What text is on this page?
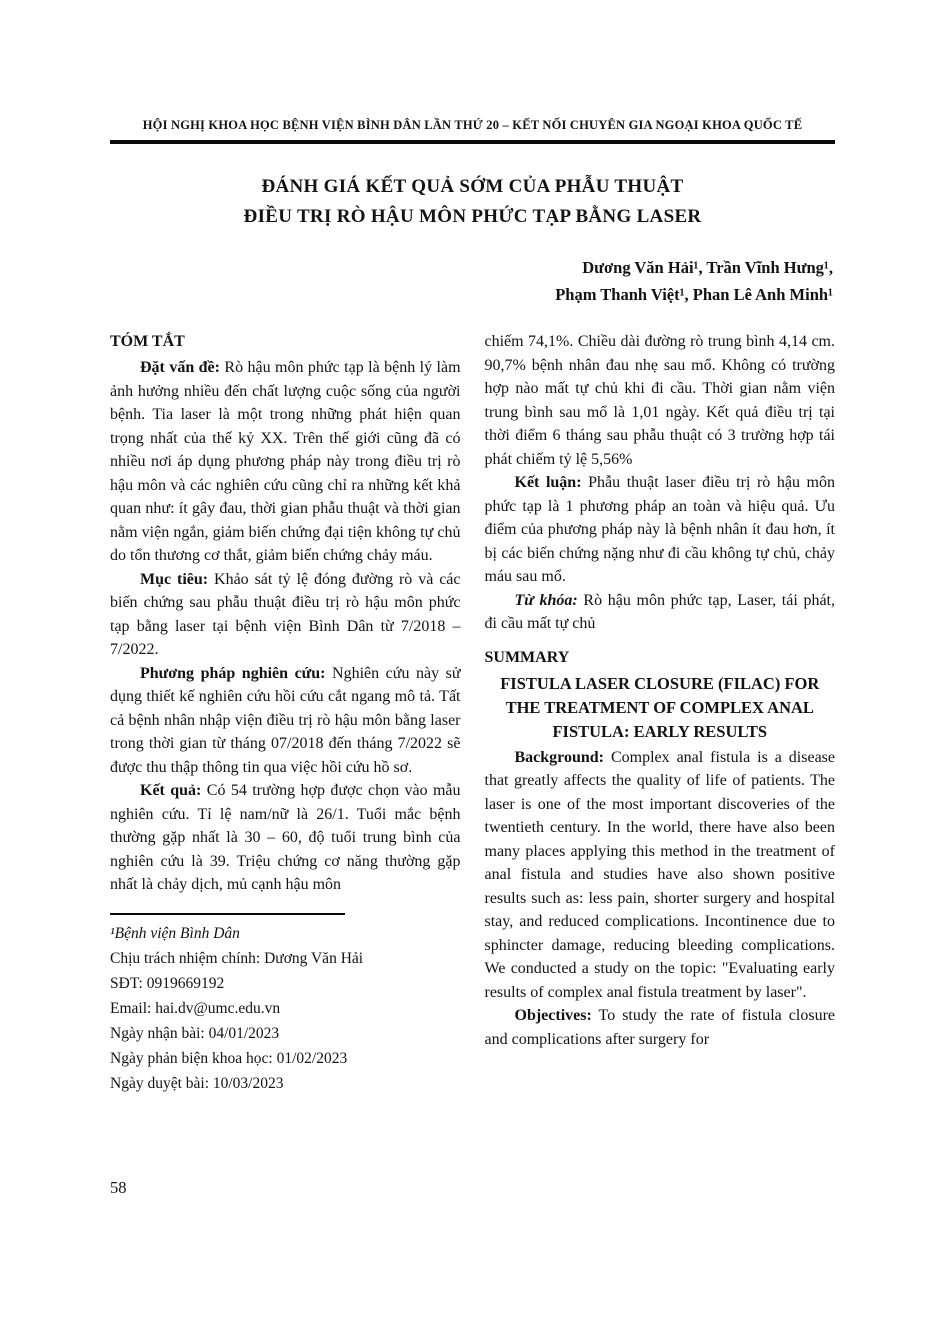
HỘI NGHỊ KHOA HỌC BỆNH VIỆN BÌNH DÂN LẦN THỨ 20 – KẾT NỐI CHUYÊN GIA NGOẠI KHOA QUỐC TẾ
ĐÁNH GIÁ KẾT QUẢ SỚM CỦA PHẪU THUẬT
ĐIỀU TRỊ RÒ HẬU MÔN PHỨC TẠP BẰNG LASER
Dương Văn Hải¹, Trần Vĩnh Hưng¹,
Phạm Thanh Việt¹, Phan Lê Anh Minh¹
TÓM TẮT

Đặt vấn đề: Rò hậu môn phức tạp là bệnh lý làm ảnh hưởng nhiều đến chất lượng cuộc sống của người bệnh. Tia laser là một trong những phát hiện quan trọng nhất của thế kỷ XX. Trên thế giới cũng đã có nhiều nơi áp dụng phương pháp này trong điều trị rò hậu môn và các nghiên cứu cũng chỉ ra những kết khả quan như: ít gây đau, thời gian phẫu thuật và thời gian nằm viện ngắn, giảm biến chứng đại tiện không tự chủ do tổn thương cơ thắt, giảm biến chứng chảy máu.

Mục tiêu: Khảo sát tỷ lệ đóng đường rò và các biến chứng sau phẫu thuật điều trị rò hậu môn phức tạp bằng laser tại bệnh viện Bình Dân từ 7/2018 – 7/2022.

Phương pháp nghiên cứu: Nghiên cứu này sử dụng thiết kế nghiên cứu hồi cứu cắt ngang mô tả. Tất cả bệnh nhân nhập viện điều trị rò hậu môn bằng laser trong thời gian từ tháng 07/2018 đến tháng 7/2022 sẽ được thu thập thông tin qua việc hồi cứu hồ sơ.

Kết quả: Có 54 trường hợp được chọn vào mẫu nghiên cứu. Tỉ lệ nam/nữ là 26/1. Tuổi mắc bệnh thường gặp nhất là 30 – 60, độ tuổi trung bình của nghiên cứu là 39. Triệu chứng cơ năng thường gặp nhất là chảy dịch, mủ cạnh hậu môn

¹Bệnh viện Bình Dân
Chịu trách nhiệm chính: Dương Văn Hải
SĐT: 0919669192
Email: hai.dv@umc.edu.vn
Ngày nhận bài: 04/01/2023
Ngày phản biện khoa học: 01/02/2023
Ngày duyệt bài: 10/03/2023

chiếm 74,1%. Chiều dài đường rò trung bình 4,14 cm. 90,7% bệnh nhân đau nhẹ sau mổ. Không có trường hợp nào mất tự chủ khi đi cầu. Thời gian nằm viện trung bình sau mổ là 1,01 ngày. Kết quả điều trị tại thời điểm 6 tháng sau phẫu thuật có 3 trường hợp tái phát chiếm tỷ lệ 5,56%

Kết luận: Phẫu thuật laser điều trị rò hậu môn phức tạp là 1 phương pháp an toàn và hiệu quả. Ưu điểm của phương pháp này là bệnh nhân ít đau hơn, ít bị các biến chứng nặng như đi cầu không tự chủ, chảy máu sau mổ.

Từ khóa: Rò hậu môn phức tạp, Laser, tái phát, đi cầu mất tự chủ

SUMMARY
FISTULA LASER CLOSURE (FILAC) FOR THE TREATMENT OF COMPLEX ANAL FISTULA: EARLY RESULTS

Background: Complex anal fistula is a disease that greatly affects the quality of life of patients. The laser is one of the most important discoveries of the twentieth century. In the world, there have also been many places applying this method in the treatment of anal fistula and studies have also shown positive results such as: less pain, shorter surgery and hospital stay, and reduced complications. Incontinence due to sphincter damage, reducing bleeding complications. We conducted a study on the topic: "Evaluating early results of complex anal fistula treatment by laser".

Objectives: To study the rate of fistula closure and complications after surgery for

58
